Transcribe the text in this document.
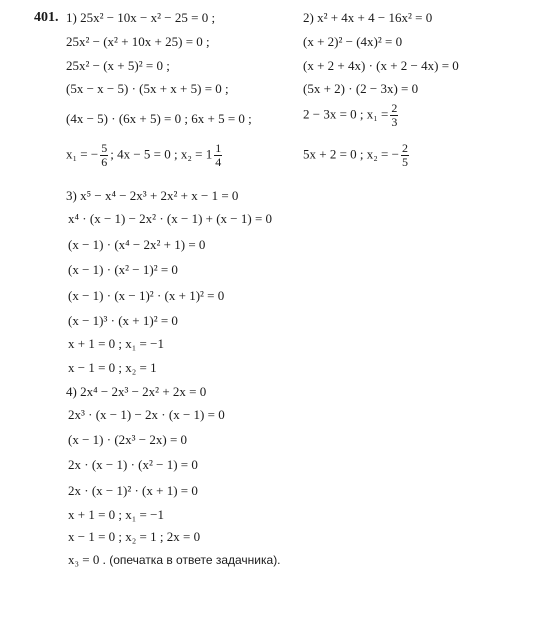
401. 1) 25x² − 10x − x² − 25 = 0 ;
25x² − (x² + 10x + 25) = 0 ;
25x² − (x + 5)² = 0 ;
(5x − x − 5) · (5x + x + 5) = 0 ;
(4x − 5) · (6x + 5) = 0 ; 6x + 5 = 0 ;
x₁ = − $\frac{5}{6}$ ; 4x − 5 = 0 ; $x_2 = 1 \frac{1}{4}$
2) x² + 4x + 4 − 16x² = 0
(x + 2)² − (4x)² = 0
(x + 2 + 4x) · (x + 2 − 4x) = 0
(5x + 2) · (2 − 3x) = 0
2 − 3x = 0 ; $x_1 = \frac{2}{3}$
5x + 2 = 0 ; x₂ = − $\frac{2}{5}$
3) x⁵ − x⁴ − 2x³ + 2x² + x − 1 = 0
x⁴ · (x − 1) − 2x² · (x − 1) + (x − 1) = 0
(x − 1) · (x⁴ − 2x² + 1) = 0
(x − 1) · (x² − 1)² = 0
(x − 1) · (x − 1)² · (x + 1)² = 0
(x − 1)³ · (x + 1)² = 0
x + 1 = 0 ; x₁ = −1
x − 1 = 0 ; x₂ = 1
4) 2x⁴ − 2x³ − 2x² + 2x = 0
2x³ · (x − 1) − 2x · (x − 1) = 0
(x − 1) · (2x³ − 2x) = 0
2x · (x − 1) · (x² − 1) = 0
2x · (x − 1)² · (x + 1) = 0
x + 1 = 0 ; x₁ = −1
x − 1 = 0 ; x₂ = 1 ; 2x = 0
x₃ = 0 . (опечатка в ответе задачника).
